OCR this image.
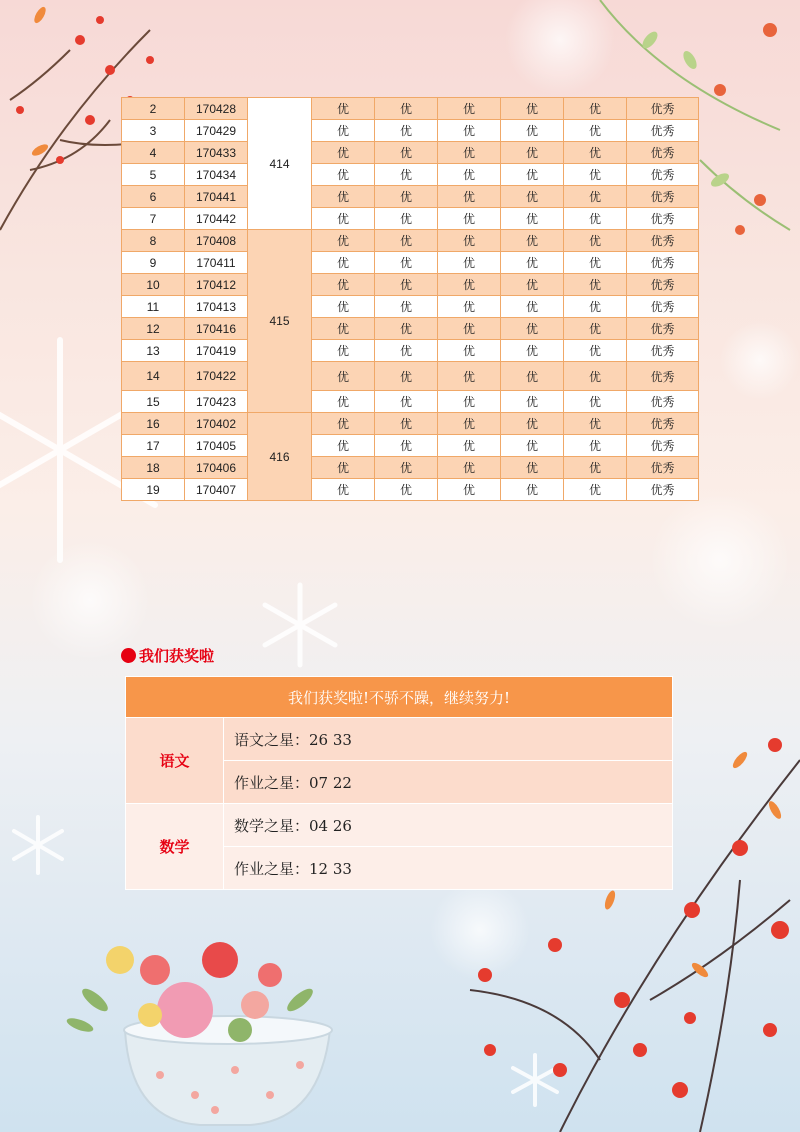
2	170428	414	优	优	优	优	优	优秀
3	170429		优	优	优	优	优	优秀
4	170433		优	优	优	优	优	优秀
5	170434		优	优	优	优	优	优秀
6	170441		优	优	优	优	优	优秀
7	170442		优	优	优	优	优	优秀
8	170408	415	优	优	优	优	优	优秀
9	170411		优	优	优	优	优	优秀
10	170412		优	优	优	优	优	优秀
11	170413		优	优	优	优	优	优秀
12	170416		优	优	优	优	优	优秀
13	170419		优	优	优	优	优	优秀
14	170422		优	优	优	优	优	优秀
15	170423		优	优	优	优	优	优秀
16	170402	416	优	优	优	优	优	优秀
17	170405		优	优	优	优	优	优秀
18	170406		优	优	优	优	优	优秀
19	170407		优	优	优	优	优	优秀
我们获奖啦
我们获奖啦!不骄不躁，继续努力!	
语文	语文之星：26 33
	作业之星：07 22
数学	数学之星：04 26
	作业之星：12 33
